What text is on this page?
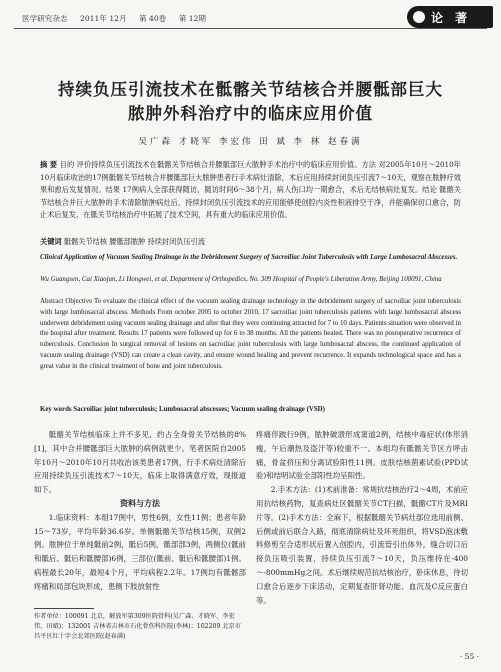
医学研究杂志 2011年 12月 第 40卷 第 12期	论 著
持续负压引流技术在骶髂关节结核合并腰骶部巨大
脓肿外科治疗中的临床应用价值
吴广森 才晓军 李宏伟 田 斌 李 林 赵春满
摘 要 目的 评价持续负压引流技术在骶髂关节结核合并腰骶部巨大脓肿手术治疗中的临床应用价值。方法 对2005年10月～2010年10月临床收治的17例骶髂关节结核合并腰骶部巨大脓肿患者行手术病灶清除，术后应用持续封闭负压引流7～10天，观察在脓肿疗效果和愈后发复情况。结果 17例病人全部获得随访，随访时间6～38个月，病人伤口均一期愈合，术后无结核病灶复发。结论 骶髂关节结核合并巨大脓肿的手术清除脓肿病灶后，持续封闭负压引流技术的应用能够使创腔内炎性积液排空干净，并能确保切口愈合，防止术后复发，在骶关节结核治疗中拓展了技术空间，具有重大的临床应用价值。
关键词 骶髂关节结核 腰骶部脓肿 持续封闭负压引流
Clinical Application of Vacuum Sealing Drainage in the Debridement Surgery of Sacroiliac Joint Tuberculosis with Large Lumbosacral Abscesses.
Wu Guangsen, Cai Xiaojun, Li Hongwei, et al. Department of Orthopedics, No. 309 Hospital of People's Liberation Army, Beijing 100091, China
Abstract Objective To evaluate the clinical effect of the vacuum sealing drainage technology in the debridement surgery of sacroiliac joint tuberculosis with large lumbosacral abscess. Methods From october 2005 to october 2010, 17 sacroiliac joint tuberculosis patients with large lumbosacral abscess underwent debridement using vacuum sealing drainage and after that they were continuing attracted for 7 to 10 days. Patients situation were observed in the hospital after treatment. Results 17 patients were followed up for 6 to 38 months. All the patients healed. There was no postoperative recurrence of tuberculosis. Conclusion In surgical removal of lesions on sacroiliac joint tuberculosis with large lumbosacral abscess, the continued application of vacuum sealing drainage (VSD) can create a clean cavity, and ensure wound healing and prevent recurrence. It expands technological space and has a great value in the clinical treatment of bone and joint tuberculosis.
Key words Sacroiliac joint tuberculosis; Lumbosacral abscesses; Vacuum sealing drainage (VSD)

骶髂关节结核临床上并不多见，约占全身骨关节结核的8%[1]，其中合并腰骶部巨大脓肿的病例就更少。笔者医院自2005年10月～2010年10月共收治该类患者17例，行手术病灶清除后应用持续负压引流技术7～10天，临床上取得满意疗效，现报道如下。

资料与方法

1.临床资料：本组17例中，男性6例，女性11例；患者年龄15～73岁，平均年龄36.6岁。单侧骶髂关节结核15例，双侧2例。脓肿位于单纯骶前2例，骶后5例，骶部部3例，两侧位(骶前和骶后、骶后和骶腰部)6例，三部位(骶前、骶后和骶腰部)1例。病程最长20年，最短4个月，平均病程2.2年。17例均有骶髂部疼痛和局部包块形成，患侧下肢放射性

疼痛伴跛行9例，脓肿破溃形成窦道2例，结核中毒症状(体形消瘦，午后潮热及盗汗等)较重不一。本组均有骶髂关节区方呼击痛，骨盆挤压和分离试验阳性11例。皮肤结核菌素试验(PPD试验)和结明试验全部阳性均呈阳性。

2.手术方法：(1)术前准备：常规抗结核治疗2～4周，术前应用抗结核药物，复查病灶区骶髂关节CT扫描，骶髂CT片及MRI片等。(2)手术方法：全麻下，根据骶髂关节病灶部位选用前侧、后侧或前后联合入路，彻底清除病灶及坏死组织，将VSD泡沫敷料修剪至合适形状后置入创腔内，引流管引出体外，缝合切口后接负压吸引装置，持续负压引流7～10天，负压维持在-400～-800mmHg之间。术后继续规范抗结核治疗，卧床休息，待切口愈合后逐步下床活动，定期复查肝肾功能、血沉及C反应蛋白等。

作者单位：100091 北京，解放军第309医院骨科(吴广森、才晓军、李宏伟、田斌)；132001 吉林省吉林市石化骨伤科医院(李林)；102209 北京市昌平区红十字会北郊医院(赵春满)
· 55 ·
